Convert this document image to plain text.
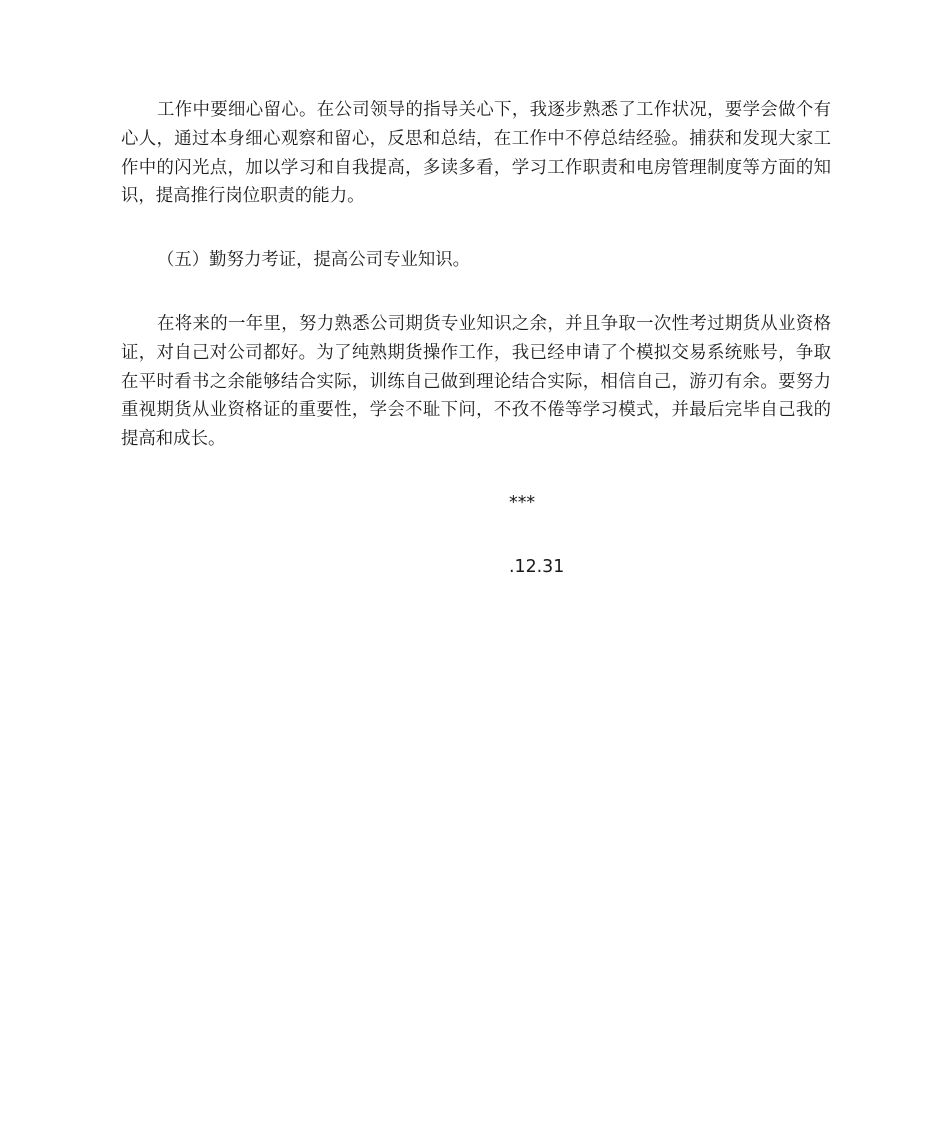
工作中要细心留心。在公司领导的指导关心下，我逐步熟悉了工作状况，要学会做个有心人，通过本身细心观察和留心，反思和总结，在工作中不停总结经验。捕获和发现大家工作中的闪光点，加以学习和自我提高，多读多看，学习工作职责和电房管理制度等方面的知识，提高推行岗位职责的能力。

（五）勤努力考证，提高公司专业知识。

在将来的一年里，努力熟悉公司期货专业知识之余，并且争取一次性考过期货从业资格证，对自己对公司都好。为了纯熟期货操作工作，我已经申请了个模拟交易系统账号，争取在平时看书之余能够结合实际，训练自己做到理论结合实际，相信自己，游刃有余。要努力重视期货从业资格证的重要性，学会不耻下问，不孜不倦等学习模式，并最后完毕自己我的提高和成长。

***

.12.31
